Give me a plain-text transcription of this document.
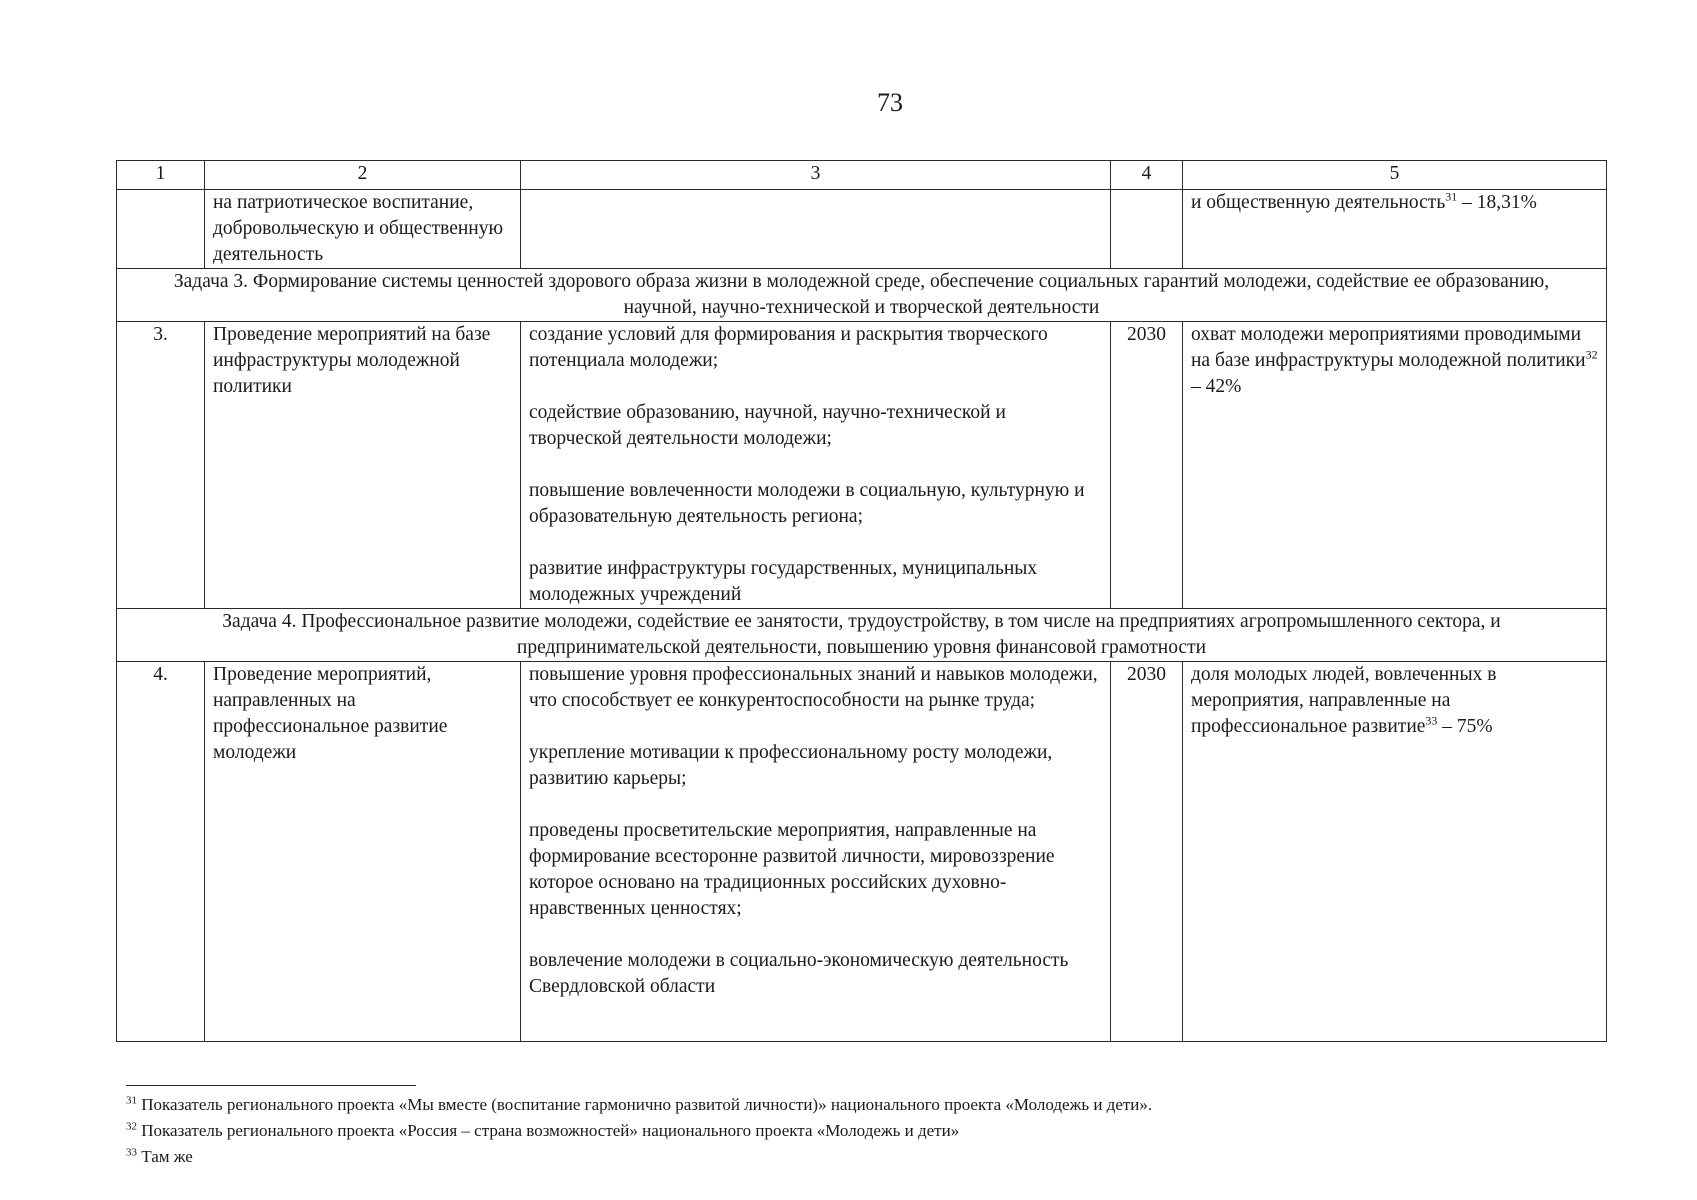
73
1	2	3	4	5
	на патриотическое воспитание, добровольческую и общественную деятельность			и общественную деятельность$^{31}$ – 18,31%
Задача 3. Формирование системы ценностей здорового образа жизни в молодежной среде, обеспечение социальных гарантий молодежи, содействие ее образованию, научной, научно-технической и творческой деятельности				
3.	Проведение мероприятий на базе инфраструктуры молодежной политики	создание условий для формирования и раскрытия творческого потенциала молодежи;

содействие образованию, научной, научно-технической и творческой деятельности молодежи;

повышение вовлеченности молодежи в социальную, культурную и образовательную деятельность региона;

развитие инфраструктуры государственных, муниципальных молодежных учреждений	2030	охват молодежи мероприятиями проводимыми на базе инфраструктуры молодежной политики$^{32}$ – 42%
Задача 4. Профессиональное развитие молодежи, содействие ее занятости, трудоустройству, в том числе на предприятиях агропромышленного сектора, и предпринимательской деятельности, повышению уровня финансовой грамотности				
4.	Проведение мероприятий, направленных на профессиональное развитие молодежи	повышение уровня профессиональных знаний и навыков молодежи, что способствует ее конкурентоспособности на рынке труда;

укрепление мотивации к профессиональному росту молодежи, развитию карьеры;

проведены просветительские мероприятия, направленные на формирование всесторонне развитой личности, мировоззрение которое основано на традиционных российских духовно-нравственных ценностях;

вовлечение молодежи в социально-экономическую деятельность Свердловской области	2030	доля молодых людей, вовлеченных в мероприятия, направленные на профессиональное развитие$^{33}$ – 75%
$^{31}$ Показатель регионального проекта «Мы вместе (воспитание гармонично развитой личности)» национального проекта «Молодежь и дети».
$^{32}$ Показатель регионального проекта «Россия – страна возможностей» национального проекта «Молодежь и дети»
$^{33}$ Там же
